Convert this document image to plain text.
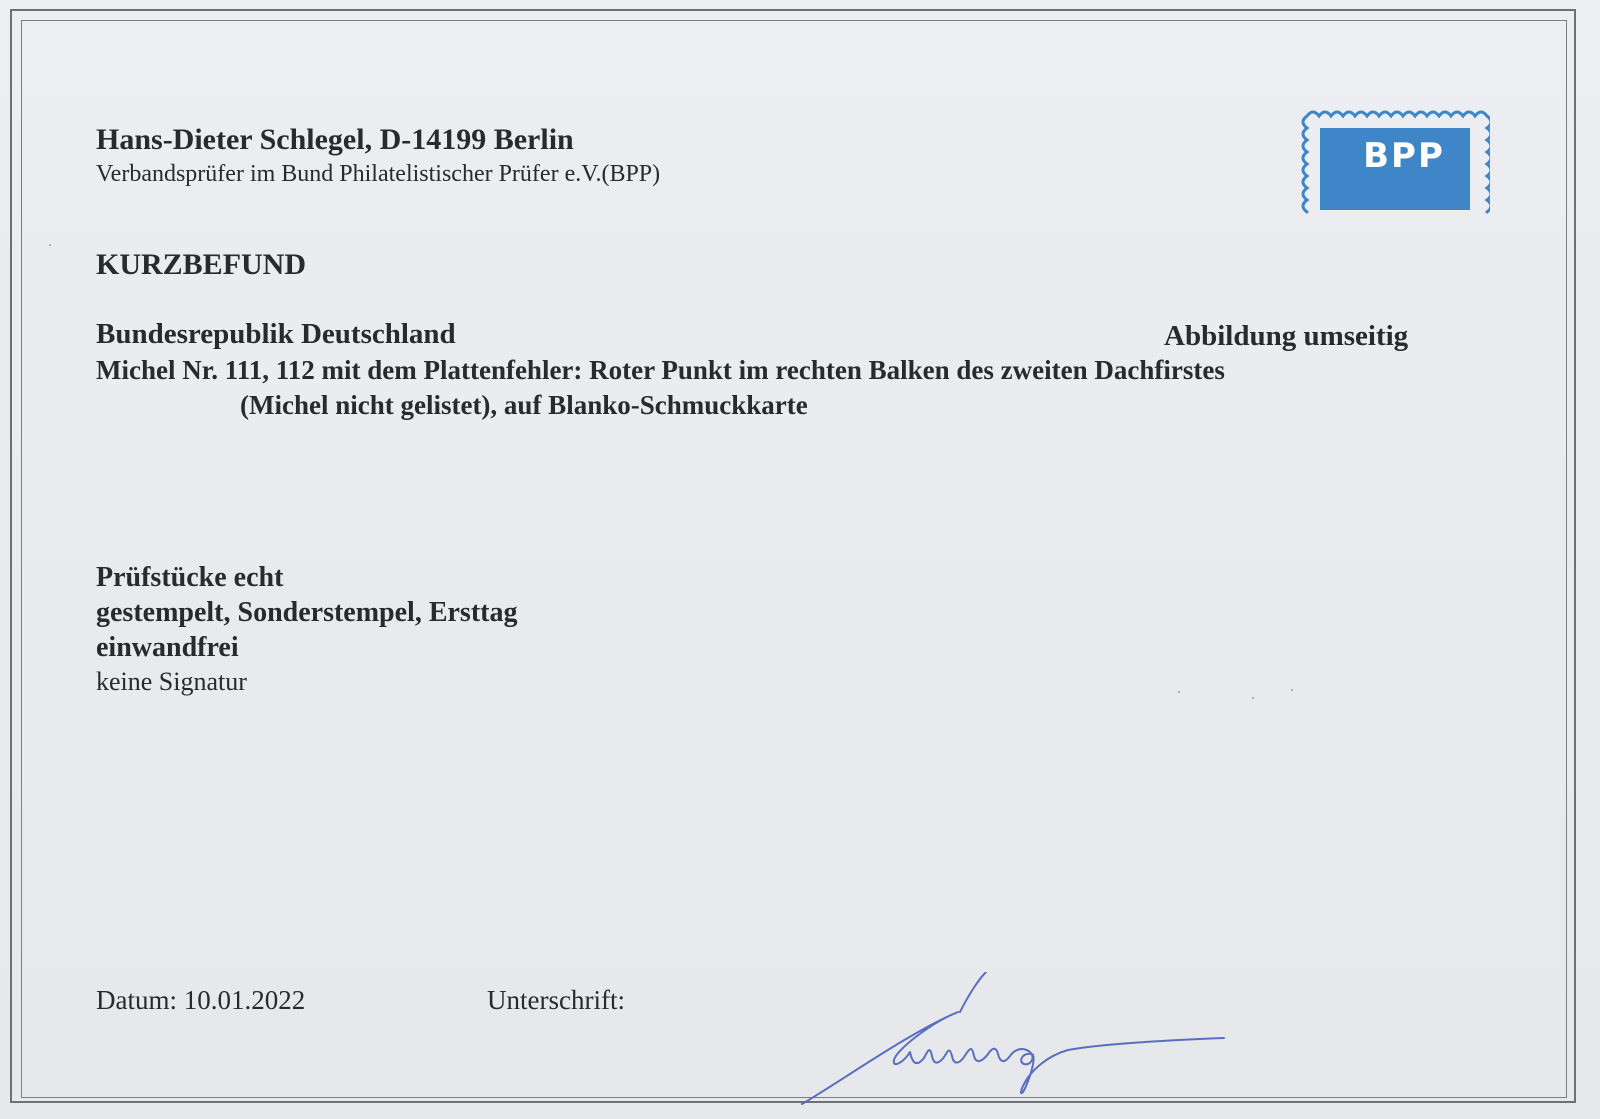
Hans-Dieter Schlegel, D-14199 Berlin
Verbandsprüfer im Bund Philatelistischer Prüfer e.V.(BPP)	BPP
KURZBEFUND
Bundesrepublik Deutschland	Abbildung umseitig
Michel Nr. 111, 112 mit dem Plattenfehler: Roter Punkt im rechten Balken des zweiten Dachfirstes
(Michel nicht gelistet), auf Blanko-Schmuckkarte
Prüfstücke echt
gestempelt, Sonderstempel, Ersttag
einwandfrei
keine Signatur
Datum: 10.01.2022	Unterschrift:
